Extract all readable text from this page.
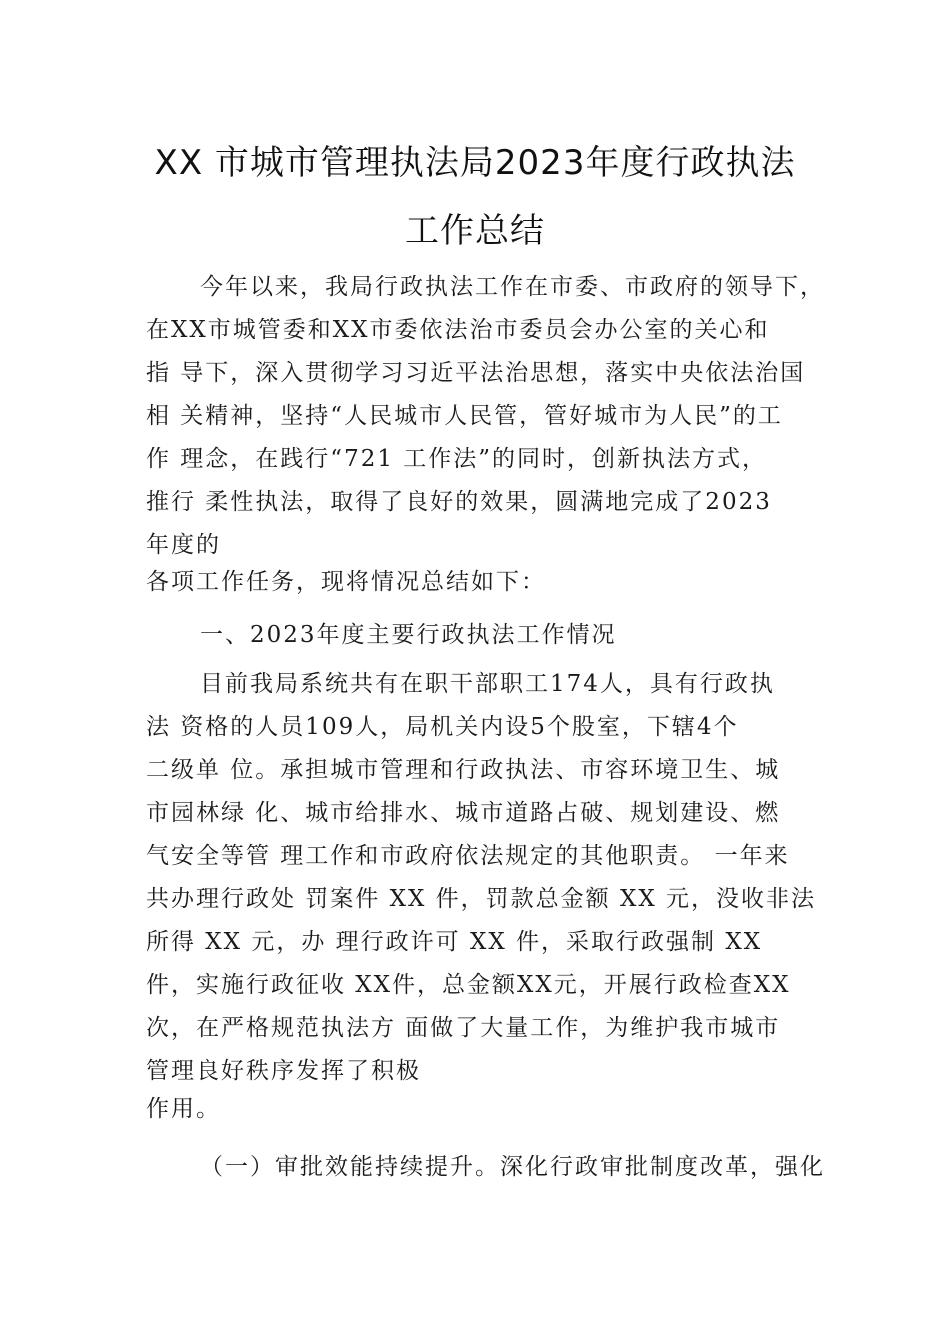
XX 市城市管理执法局2023年度行政执法
工作总结
今年以来，我局行政执法工作在市委、市政府的领导下，
在XX市城管委和XX市委依法治市委员会办公室的关心和
指 导下，深入贯彻学习习近平法治思想，落实中央依法治国
相 关精神，坚持“人民城市人民管，管好城市为人民”的工
作 理念，在践行“721 工作法”的同时，创新执法方式，
推行 柔性执法，取得了良好的效果，圆满地完成了2023
年度的
各项工作任务，现将情况总结如下：
一、2023年度主要行政执法工作情况
目前我局系统共有在职干部职工174人，具有行政执
法 资格的人员109人，局机关内设5个股室，下辖4个
二级单 位。承担城市管理和行政执法、市容环境卫生、城
市园林绿 化、城市给排水、城市道路占破、规划建设、燃
气安全等管 理工作和市政府依法规定的其他职责。 一年来
共办理行政处 罚案件 XX 件，罚款总金额 XX 元，没收非法
所得 XX 元，办 理行政许可 XX 件，采取行政强制 XX
件，实施行政征收 XX件，总金额XX元，开展行政检查XX
次，在严格规范执法方 面做了大量工作，为维护我市城市
管理良好秩序发挥了积极
作用。
（一）审批效能持续提升。深化行政审批制度改革，强化
